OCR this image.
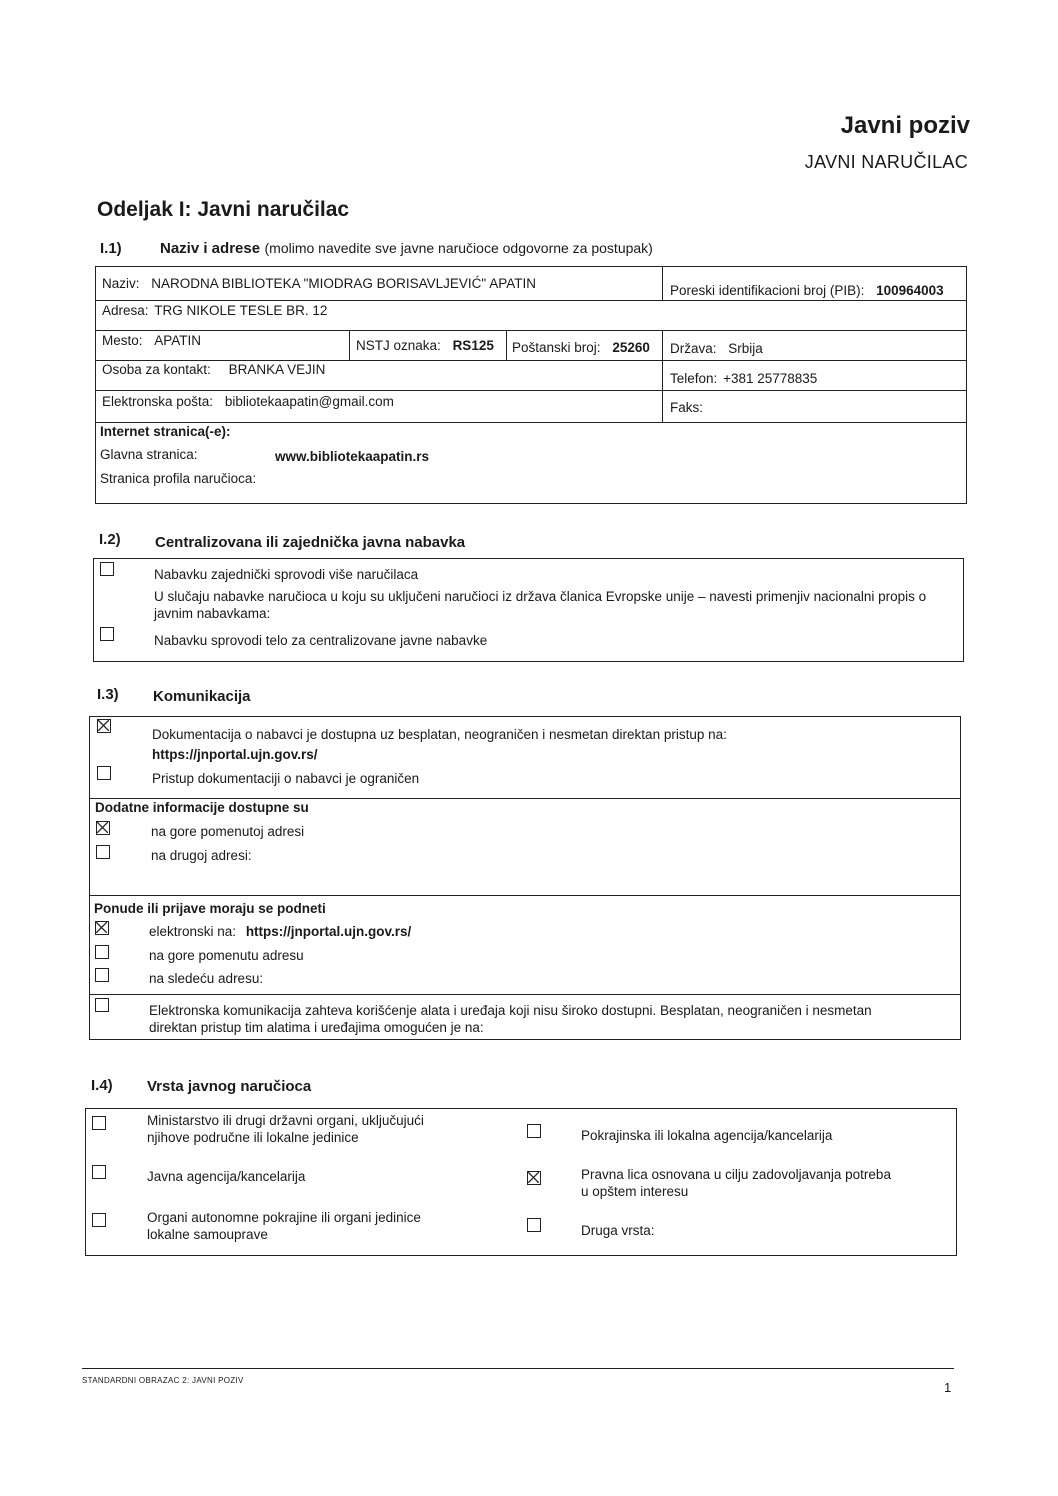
Javni poziv
JAVNI NARUČILAC
Odeljak I: Javni naručilac
I.1)	Naziv i adrese (molimo navedite sve javne naručioce odgovorne za postupak)
Naziv: NARODNA BIBLIOTEKA "MIODRAG BORISAVLJEVIĆ" APATIN	Poreski identifikacioni broj (PIB): 100964003
Adresa: TRG NIKOLE TESLE BR. 12
Mesto: APATIN	NSTJ oznaka: RS125 Poštanski broj: 25260 Država: Srbija
Osoba za kontakt: BRANKA VEJIN
Telefon: +381 25778835
Elektronska pošta: bibliotekaapatin@gmail.com	Faks:
Internet stranica(-e):
Glavna stranica:	www.bibliotekaapatin.rs
Stranica profila naručioca:
I.2) Centralizovana ili zajednička javna nabavka
Nabavku zajednički sprovodi više naručilaca
U slučaju nabavke naručioca u koju su uključeni naručioci iz država članica Evropske unije – navesti primenjiv nacionalni propis o
javnim nabavkama:
Nabavku sprovodi telo za centralizovane javne nabavke
I.3) Komunikacija
Dokumentacija o nabavci je dostupna uz besplatan, neograničen i nesmetan direktan pristup na:
https://jnportal.ujn.gov.rs/
Pristup dokumentaciji o nabavci je ograničen
Dodatne informacije dostupne su
na gore pomenutoj adresi
na drugoj adresi:
Ponude ili prijave moraju se podneti
elektronski na: https://jnportal.ujn.gov.rs/
na gore pomenutu adresu
na sledeću adresu:
Elektronska komunikacija zahteva korišćenje alata i uređaja koji nisu široko dostupni. Besplatan, neograničen i nesmetan
direktan pristup tim alatima i uređajima omogućen je na:
I.4) Vrsta javnog naručioca
Ministarstvo ili drugi državni organi, uključujući
njihove područne ili lokalne jedinice
Javna agencija/kancelarija
Organi autonomne pokrajine ili organi jedinice
lokalne samouprave
Pokrajinska ili lokalna agencija/kancelarija
Pravna lica osnovana u cilju zadovoljavanja potreba
u opštem interesu
Druga vrsta:
STANDARDNI OBRAZAC 2: JAVNI POZIV	1
